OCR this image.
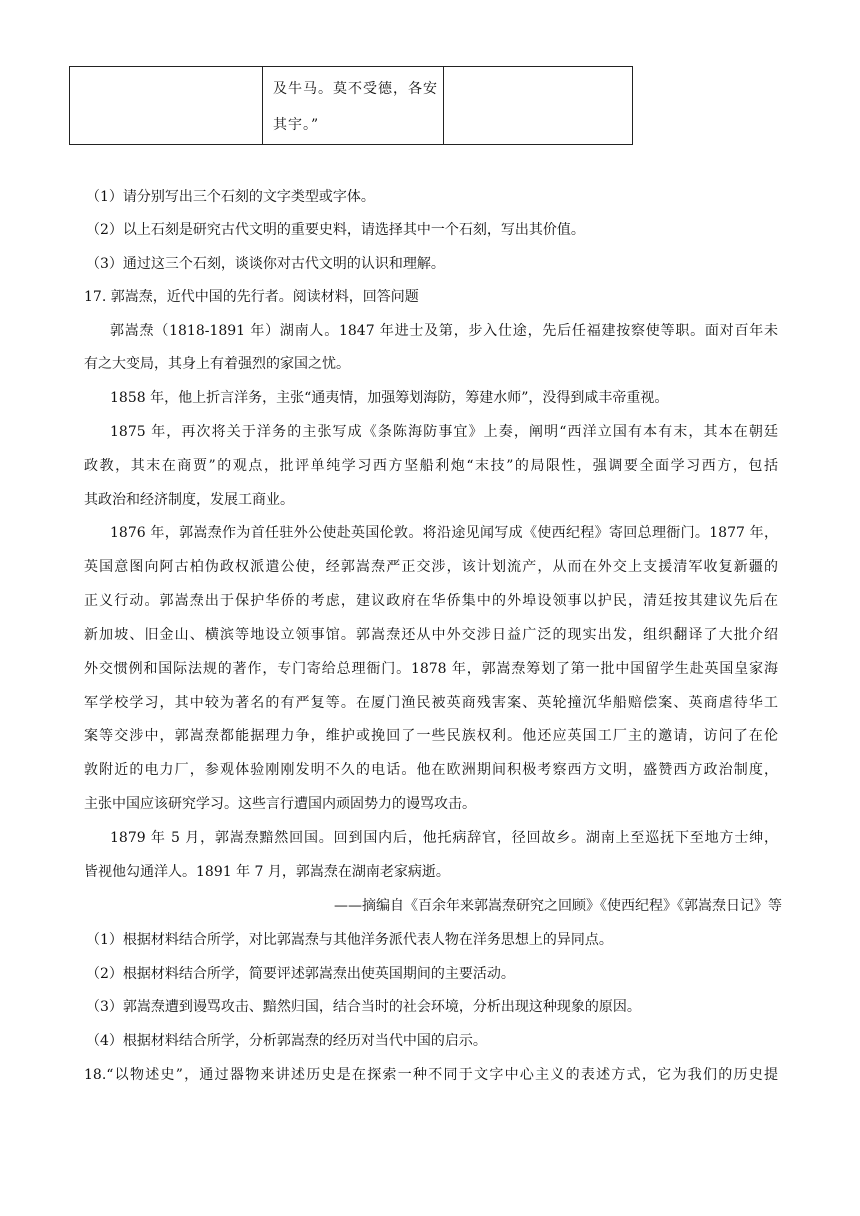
及牛马。莫不受德，各安
其宇。”

（1）请分别写出三个石刻的文字类型或字体。
（2）以上石刻是研究古代文明的重要史料，请选择其中一个石刻，写出其价值。
（3）通过这三个石刻，谈谈你对古代文明的认识和理解。
17. 郭嵩焘，近代中国的先行者。阅读材料，回答问题
郭嵩焘（1818-1891 年）湖南人。1847 年进士及第，步入仕途，先后任福建按察使等职。面对百年未
有之大变局，其身上有着强烈的家国之忧。
1858 年，他上折言洋务，主张“通夷情，加强筹划海防，筹建水师”，没得到咸丰帝重视。
1875 年，再次将关于洋务的主张写成《条陈海防事宜》上奏，阐明“西洋立国有本有末，其本在朝廷
政教，其末在商贾”的观点，批评单纯学习西方坚船利炮“末技”的局限性，强调要全面学习西方，包括
其政治和经济制度，发展工商业。
1876 年，郭嵩焘作为首任驻外公使赴英国伦敦。将沿途见闻写成《使西纪程》寄回总理衙门。1877 年，
英国意图向阿古柏伪政权派遣公使，经郭嵩焘严正交涉，该计划流产，从而在外交上支援清军收复新疆的
正义行动。郭嵩焘出于保护华侨的考虑，建议政府在华侨集中的外埠设领事以护民，清廷按其建议先后在
新加坡、旧金山、横滨等地设立领事馆。郭嵩焘还从中外交涉日益广泛的现实出发，组织翻译了大批介绍
外交惯例和国际法规的著作，专门寄给总理衙门。1878 年，郭嵩焘筹划了第一批中国留学生赴英国皇家海
军学校学习，其中较为著名的有严复等。在厦门渔民被英商残害案、英轮撞沉华船赔偿案、英商虐待华工
案等交涉中，郭嵩焘都能据理力争，维护或挽回了一些民族权利。他还应英国工厂主的邀请，访问了在伦
敦附近的电力厂，参观体验刚刚发明不久的电话。他在欧洲期间积极考察西方文明，盛赞西方政治制度，
主张中国应该研究学习。这些言行遭国内顽固势力的谩骂攻击。
1879 年 5 月，郭嵩焘黯然回国。回到国内后，他托病辞官，径回故乡。湖南上至巡抚下至地方士绅，
皆视他勾通洋人。1891 年 7 月，郭嵩焘在湖南老家病逝。
——摘编自《百余年来郭嵩焘研究之回顾》《使西纪程》《郭嵩焘日记》等
（1）根据材料结合所学，对比郭嵩焘与其他洋务派代表人物在洋务思想上的异同点。
（2）根据材料结合所学，简要评述郭嵩焘出使英国期间的主要活动。
（3）郭嵩焘遭到谩骂攻击、黯然归国，结合当时的社会环境，分析出现这种现象的原因。
（4）根据材料结合所学，分析郭嵩焘的经历对当代中国的启示。
18.“以物述史”，通过器物来讲述历史是在探索一种不同于文字中心主义的表述方式，它为我们的历史提
